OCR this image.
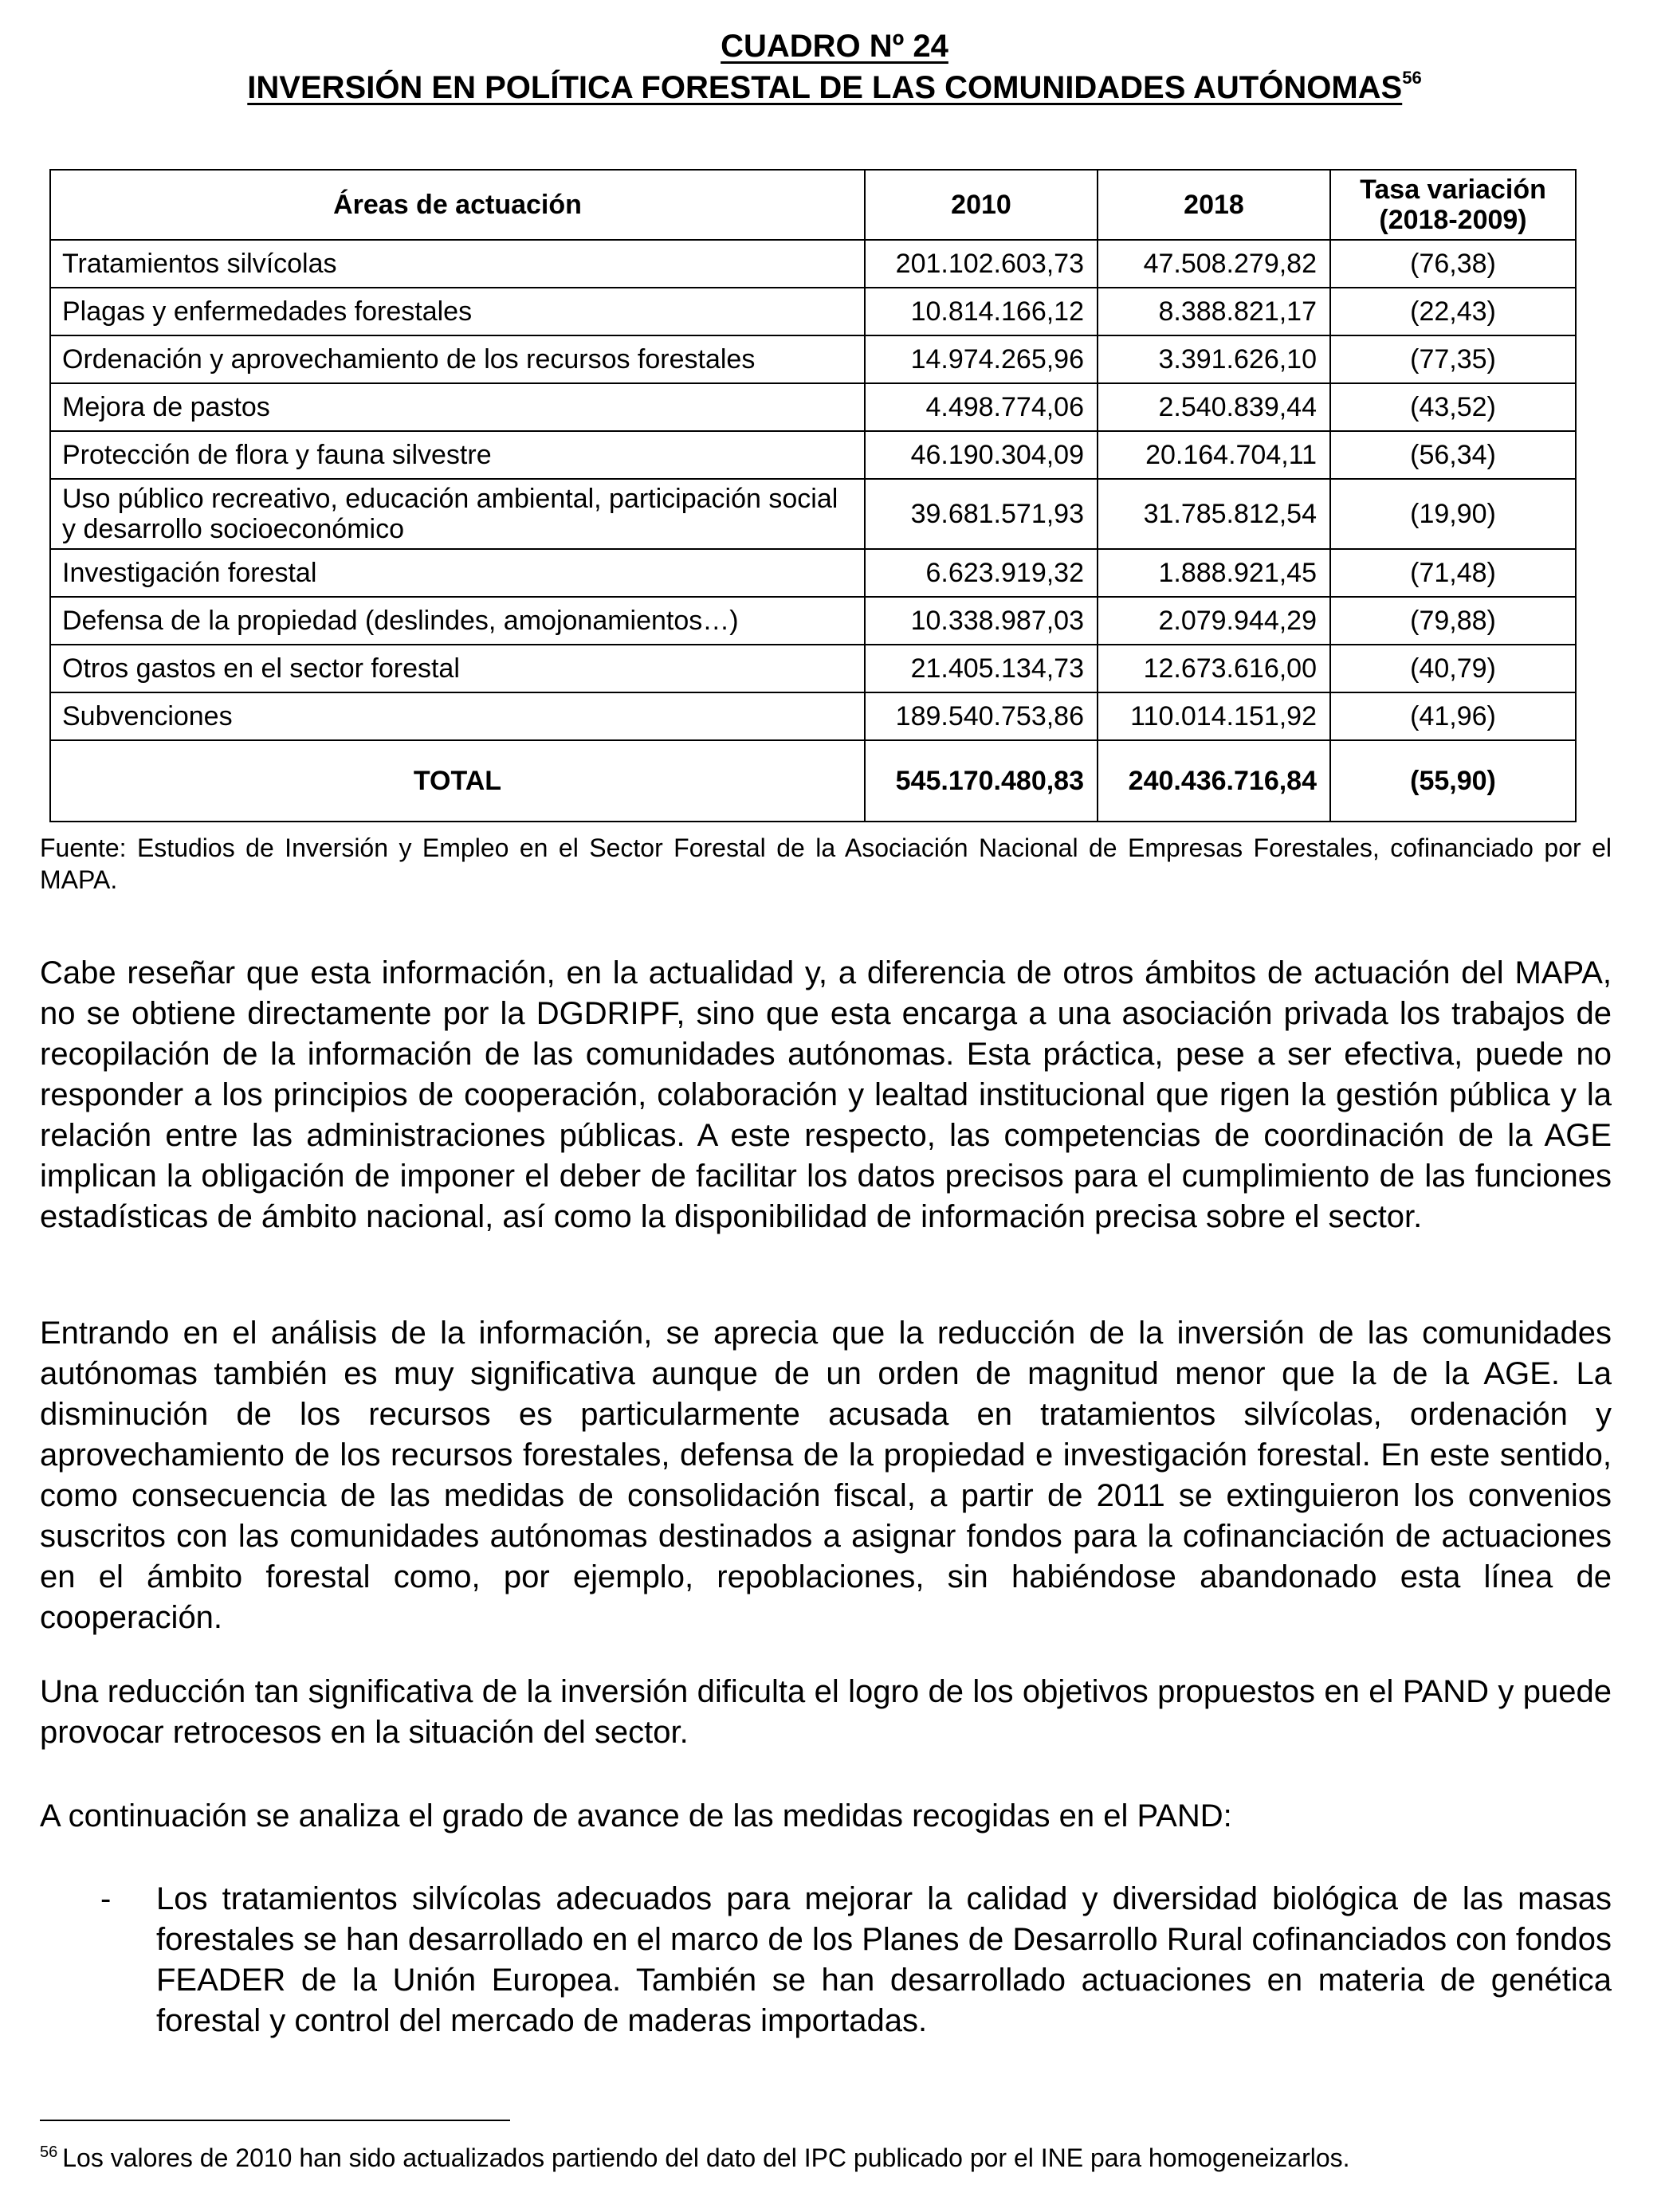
CUADRO Nº 24
INVERSIÓN EN POLÍTICA FORESTAL DE LAS COMUNIDADES AUTÓNOMAS$^{56}$
Áreas de actuación	2010	2018	Tasa variación (2018-2009)
Tratamientos silvícolas	201.102.603,73	47.508.279,82	(76,38)
Plagas y enfermedades forestales	10.814.166,12	8.388.821,17	(22,43)
Ordenación y aprovechamiento de los recursos forestales	14.974.265,96	3.391.626,10	(77,35)
Mejora de pastos	4.498.774,06	2.540.839,44	(43,52)
Protección de flora y fauna silvestre	46.190.304,09	20.164.704,11	(56,34)
Uso público recreativo, educación ambiental, participación social y desarrollo socioeconómico	39.681.571,93	31.785.812,54	(19,90)
Investigación forestal	6.623.919,32	1.888.921,45	(71,48)
Defensa de la propiedad (deslindes, amojonamientos…)	10.338.987,03	2.079.944,29	(79,88)
Otros gastos en el sector forestal	21.405.134,73	12.673.616,00	(40,79)
Subvenciones	189.540.753,86	110.014.151,92	(41,96)
TOTAL	545.170.480,83	240.436.716,84	(55,90)
Fuente: Estudios de Inversión y Empleo en el Sector Forestal de la Asociación Nacional de Empresas Forestales, cofinanciado por el MAPA.

Cabe reseñar que esta información, en la actualidad y, a diferencia de otros ámbitos de actuación del MAPA, no se obtiene directamente por la DGDRIPF, sino que esta encarga a una asociación privada los trabajos de recopilación de la información de las comunidades autónomas. Esta práctica, pese a ser efectiva, puede no responder a los principios de cooperación, colaboración y lealtad institucional que rigen la gestión pública y la relación entre las administraciones públicas. A este respecto, las competencias de coordinación de la AGE implican la obligación de imponer el deber de facilitar los datos precisos para el cumplimiento de las funciones estadísticas de ámbito nacional, así como la disponibilidad de información precisa sobre el sector.

Entrando en el análisis de la información, se aprecia que la reducción de la inversión de las comunidades autónomas también es muy significativa aunque de un orden de magnitud menor que la de la AGE. La disminución de los recursos es particularmente acusada en tratamientos silvícolas, ordenación y aprovechamiento de los recursos forestales, defensa de la propiedad e investigación forestal. En este sentido, como consecuencia de las medidas de consolidación fiscal, a partir de 2011 se extinguieron los convenios suscritos con las comunidades autónomas destinados a asignar fondos para la cofinanciación de actuaciones en el ámbito forestal como, por ejemplo, repoblaciones, sin habiéndose abandonado esta línea de cooperación.

Una reducción tan significativa de la inversión dificulta el logro de los objetivos propuestos en el PAND y puede provocar retrocesos en la situación del sector.

A continuación se analiza el grado de avance de las medidas recogidas en el PAND:

- Los tratamientos silvícolas adecuados para mejorar la calidad y diversidad biológica de las masas forestales se han desarrollado en el marco de los Planes de Desarrollo Rural cofinanciados con fondos FEADER de la Unión Europea. También se han desarrollado actuaciones en materia de genética forestal y control del mercado de maderas importadas.
$^{56}$ Los valores de 2010 han sido actualizados partiendo del dato del IPC publicado por el INE para homogeneizarlos.
